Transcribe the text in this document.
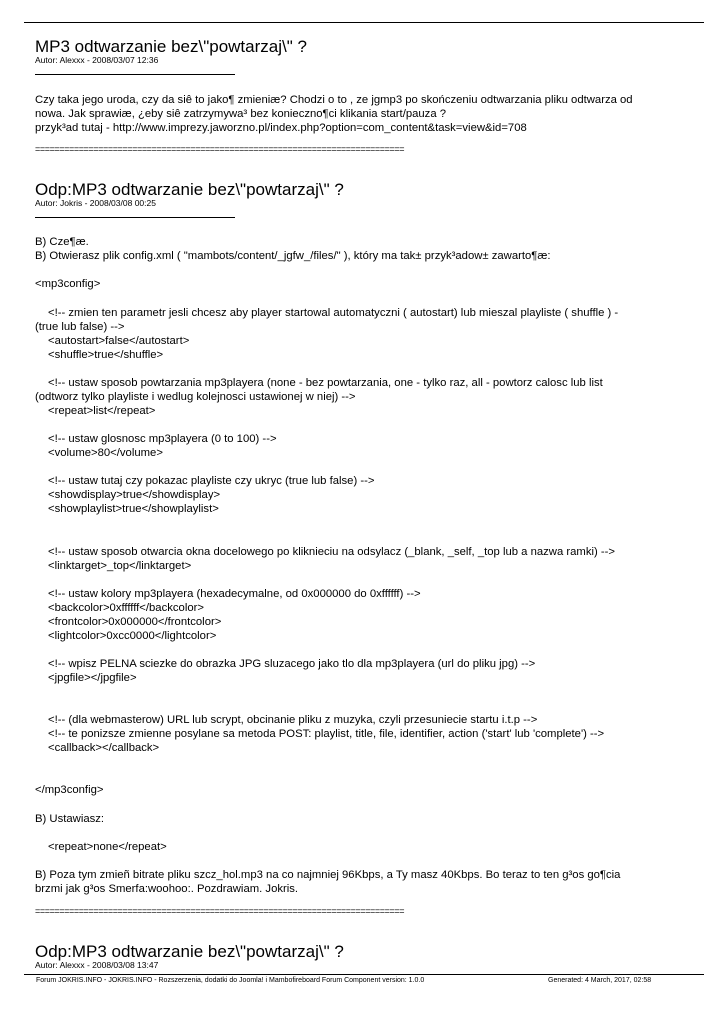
MP3 odtwarzanie bez\"powtarzaj\" ?
Autor: Alexxx - 2008/03/07 12:36
Czy taka jego uroda, czy da siê to jako¶ zmieniæ? Chodzi o to , ze jgmp3 po skończeniu odtwarzania pliku odtwarza od
nowa. Jak sprawiæ, ¿eby siê zatrzymywa³ bez konieczno¶ci klikania start/pauza ?
przyk³ad tutaj - http://www.imprezy.jaworzno.pl/index.php?option=com_content&task=view&id=708
============================================================================
Odp:MP3 odtwarzanie bez\"powtarzaj\" ?
Autor: Jokris - 2008/03/08 00:25
B) Cze¶æ.
B) Otwierasz plik config.xml ( "mambots/content/_jgfw_/files/" ), który ma tak± przyk³adow± zawarto¶æ:
<mp3config>
<!-- zmien ten parametr jesli chcesz aby player startowal automatyczni ( autostart) lub mieszal playliste ( shuffle ) -
(true lub false) -->
<autostart>false</autostart>
<shuffle>true</shuffle>
<!-- ustaw sposob powtarzania mp3playera (none - bez powtarzania, one - tylko raz, all - powtorz calosc lub list
(odtworz tylko playliste i wedlug kolejnosci ustawionej w niej) -->
<repeat>list</repeat>
<!-- ustaw glosnosc mp3playera (0 to 100) -->
<volume>80</volume>
<!-- ustaw tutaj czy pokazac playliste czy ukryc (true lub false) -->
<showdisplay>true</showdisplay>
<showplaylist>true</showplaylist>
<!-- ustaw sposob otwarcia okna docelowego po kliknieciu na odsylacz (_blank, _self, _top lub a nazwa ramki) -->
<linktarget>_top</linktarget>
<!-- ustaw kolory mp3playera (hexadecymalne, od 0x000000 do 0xffffff) -->
<backcolor>0xffffff</backcolor>
<frontcolor>0x000000</frontcolor>
<lightcolor>0xcc0000</lightcolor>
<!-- wpisz PELNA sciezke do obrazka JPG sluzacego jako tlo dla mp3playera (url do pliku jpg) -->
<jpgfile></jpgfile>
<!-- (dla webmasterow) URL lub scrypt, obcinanie pliku z muzyka, czyli przesuniecie startu i.t.p -->
<!-- te ponizsze zmienne posylane sa metoda POST: playlist, title, file, identifier, action ('start' lub 'complete') -->
<callback></callback>
</mp3config>
B) Ustawiasz:
<repeat>none</repeat>
B) Poza tym zmieñ bitrate pliku szcz_hol.mp3 na co najmniej 96Kbps, a Ty masz 40Kbps. Bo teraz to ten g³os go¶cia
brzmi jak g³os Smerfa:woohoo:. Pozdrawiam. Jokris.
============================================================================
Odp:MP3 odtwarzanie bez\"powtarzaj\" ?
Autor: Alexxx - 2008/03/08 13:47
Forum JOKRIS.INFO - JOKRIS.INFO - Rozszerzenia, dodatki do Joomla! i Mambofireboard Forum Component version: 1.0.0	Generated: 4 March, 2017, 02:58
